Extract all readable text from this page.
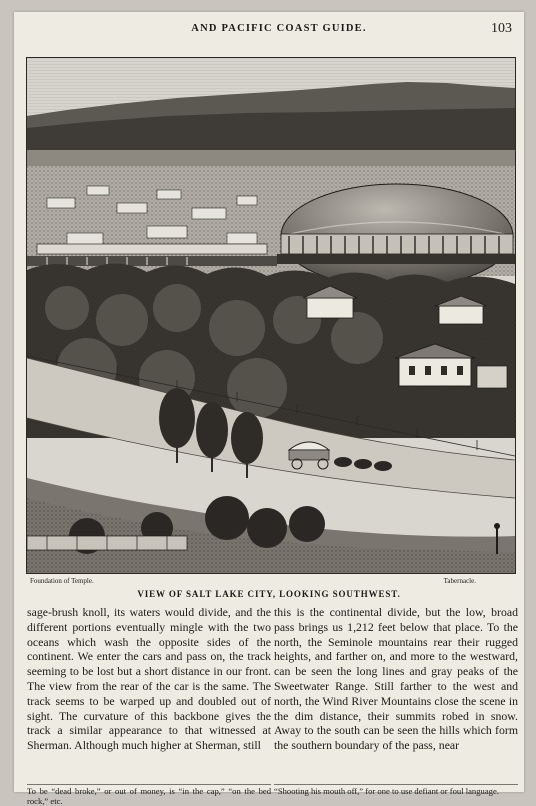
AND PACIFIC COAST GUIDE.	103
Foundation of Temple.	Tabernacle.
VIEW OF SALT LAKE CITY, LOOKING SOUTHWEST.
sage-brush knoll, its waters would divide, and the different portions eventually mingle with the two oceans which wash the opposite sides of the continent. We enter the cars and pass on, the track seeming to be lost but a short distance in our front. The view from the rear of the car is the same. The track seems to be warped up and doubled out of sight. The curvature of this backbone gives the track a similar appearance to that witnessed at Sherman. Although much higher at Sherman, still
this is the continental divide, but the low, broad pass brings us 1,212 feet below that place. To the north, the Seminole mountains rear their rugged heights, and farther on, and more to the westward, can be seen the long lines and gray peaks of the Sweetwater Range. Still farther to the west and north, the Wind River Mountains close the scene in the dim distance, their summits robed in snow. Away to the south can be seen the hills which form the southern boundary of the pass, near
To be “dead broke,” or out of money, is “in the cap,” “on the bed rock,” etc.
“Shooting his mouth off,” for one to use defiant or foul language.
